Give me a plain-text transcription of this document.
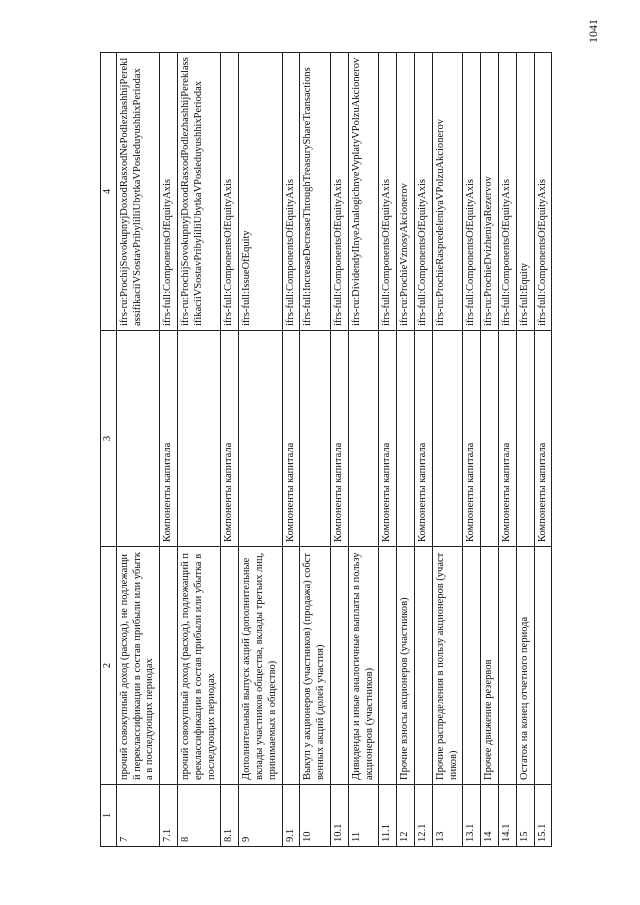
1	2	3	4
7	прочий совокупный доход (расход), не подлежащий переклассификации в состав прибыли или убытка в последующих периодах		ifrs-ru:ProchijSovokupnyjDoxodRasxodNePodlezhashhijPereklassifikaciiVSostavPribylilliUbytkaVPosleduyushhixPeriodax
7.1		Компоненты капитала	ifrs-full:ComponentsOfEquityAxis
8	прочий совокупный доход (расход), подлежащий переклассификации в состав прибыли или убытка в последующих периодах		ifrs-ru:ProchijSovokupnyjDoxodRasxodPodlezhashhijPereklassifikaciiVSostavPribylilliUbytkaVPosleduyushhixPeriodax
8.1		Компоненты капитала	ifrs-full:ComponentsOfEquityAxis
9	Дополнительный выпуск акций (дополнительные вклады участников общества, вклады третьих лиц, принимаемых в общество)		ifrs-full:IssueOfEquity
9.1		Компоненты капитала	ifrs-full:ComponentsOfEquityAxis
10	Выкуп у акционеров (участников) (продажа) собственных акций (долей участия)		ifrs-full:IncreaseDecreaseThroughTreasuryShareTransactions
10.1		Компоненты капитала	ifrs-full:ComponentsOfEquityAxis
11	Дивиденды и иные аналогичные выплаты в пользу акционеров (участников)		ifrs-ru:DividendyIInyeAnalogichnyeVyplatyVPolzuAkcionerov
11.1		Компоненты капитала	ifrs-full:ComponentsOfEquityAxis
12	Прочие взносы акционеров (участников)		ifrs-ru:ProchieVznosyAkcionerov
12.1		Компоненты капитала	ifrs-full:ComponentsOfEquityAxis
13	Прочие распределения в пользу акционеров (участников)		ifrs-ru:ProchieRaspredeleniyaVPolzuAkcionerov
13.1		Компоненты капитала	ifrs-full:ComponentsOfEquityAxis
14	Прочее движение резервов		ifrs-ru:ProchieDvizheniyaRezervov
14.1		Компоненты капитала	ifrs-full:ComponentsOfEquityAxis
15	Остаток на конец отчетного периода		ifrs-full:Equity
15.1		Компоненты капитала	ifrs-full:ComponentsOfEquityAxis
1041
